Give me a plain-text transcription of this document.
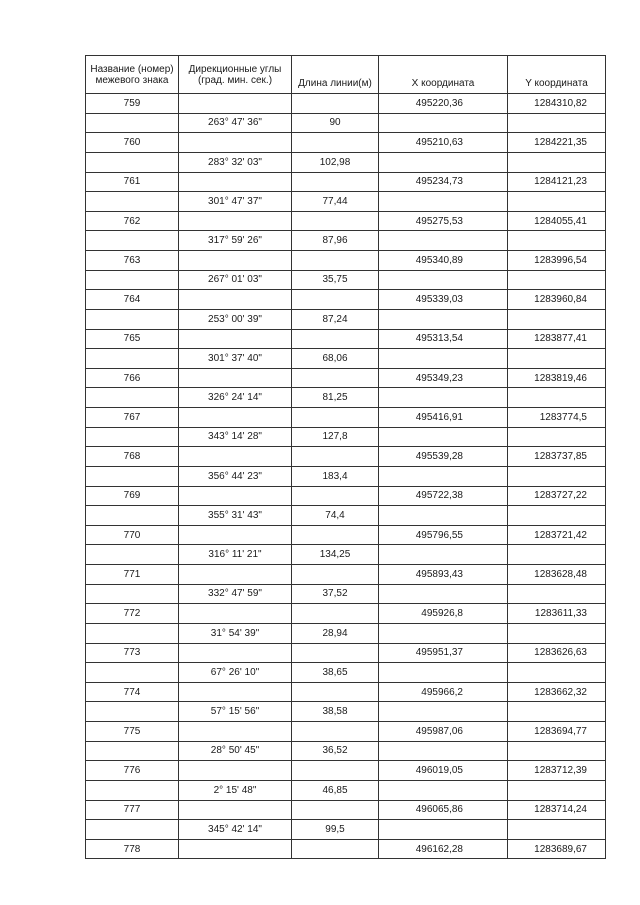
Название (номер) межевого знака	Дирекционные углы (град. мин. сек.)	Длина линии(м)	X координата	Y координата
759			495220,36	1284310,82
	263° 47' 36"	90		
760			495210,63	1284221,35
	283° 32' 03"	102,98		
761			495234,73	1284121,23
	301° 47' 37"	77,44		
762			495275,53	1284055,41
	317° 59' 26"	87,96		
763			495340,89	1283996,54
	267° 01' 03"	35,75		
764			495339,03	1283960,84
	253° 00' 39"	87,24		
765			495313,54	1283877,41
	301° 37' 40"	68,06		
766			495349,23	1283819,46
	326° 24' 14"	81,25		
767			495416,91	1283774,5
	343° 14' 28"	127,8		
768			495539,28	1283737,85
	356° 44' 23"	183,4		
769			495722,38	1283727,22
	355° 31' 43"	74,4		
770			495796,55	1283721,42
	316° 11' 21"	134,25		
771			495893,43	1283628,48
	332° 47' 59"	37,52		
772			495926,8	1283611,33
	31° 54' 39"	28,94		
773			495951,37	1283626,63
	67° 26' 10"	38,65		
774			495966,2	1283662,32
	57° 15' 56"	38,58		
775			495987,06	1283694,77
	28° 50' 45"	36,52		
776			496019,05	1283712,39
	2° 15' 48"	46,85		
777			496065,86	1283714,24
	345° 42' 14"	99,5		
778			496162,28	1283689,67
